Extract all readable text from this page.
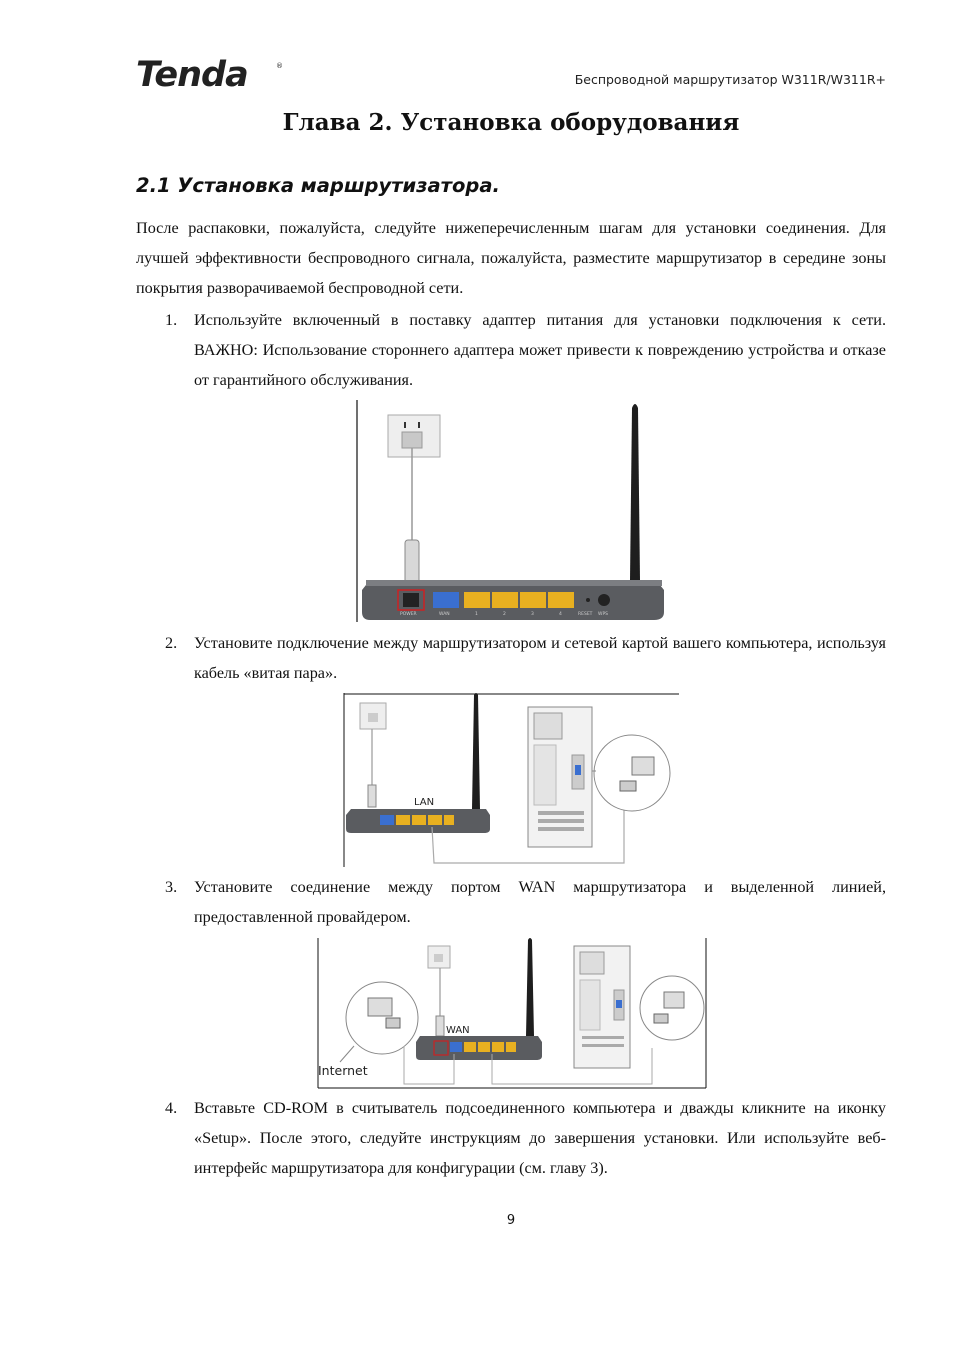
Tenda	®
Беспроводной маршрутизатор W311R/W311R+
Глава 2. Установка оборудования
2.1 Установка маршрутизатора.
После распаковки, пожалуйста, следуйте нижеперечисленным шагам для установки соединения. Для лучшей эффективности беспроводного сигнала, пожалуйста, разместите маршрутизатор в середине зоны покрытия разворачиваемой беспроводной сети.
1. Используйте включенный в поставку адаптер питания для установки подключения к сети. ВАЖНО: Использование стороннего адаптера может привести к повреждению устройства и отказе от гарантийного обслуживания.
POWER	WAN	1	2	3	4	RESET WPS
2. Установите подключение между маршрутизатором и сетевой картой вашего компьютера, используя кабель «витая пара».
LAN
3. Установите соединение между портом WAN маршрутизатора и выделенной линией, предоставленной провайдером.
Internet
WAN
4. Вставьте CD-ROM в считыватель подсоединенного компьютера и дважды кликните на иконку «Setup». После этого, следуйте инструкциям до завершения установки. Или используйте веб-интерфейс маршрутизатора для конфигурации (см. главу 3).
9
